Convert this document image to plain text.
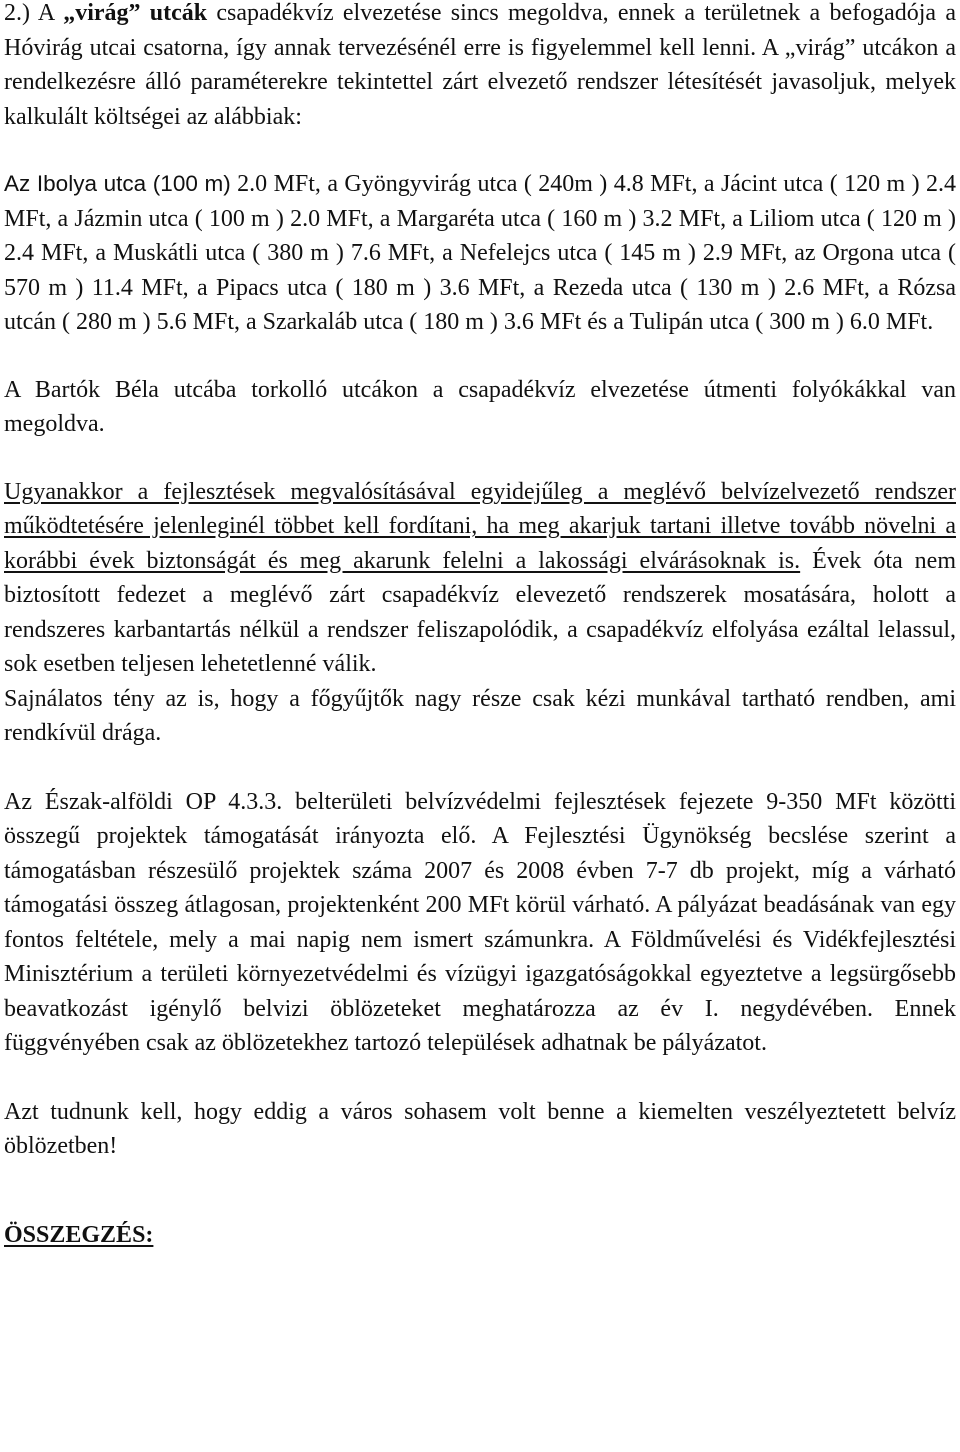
2.) A „virág” utcák csapadékvíz elvezetése sincs megoldva, ennek a területnek a befogadója a Hóvirág utcai csatorna, így annak tervezésénél erre is figyelemmel kell lenni. A „virág” utcákon a rendelkezésre álló paraméterekre tekintettel zárt elvezető rendszer létesítését javasoljuk, melyek kalkulált költségei az alábbiak:

Az Ibolya utca (100 m) 2.0 MFt, a Gyöngyvirág utca ( 240m ) 4.8 MFt, a Jácint utca ( 120 m ) 2.4 MFt, a Jázmin utca ( 100 m ) 2.0 MFt, a Margaréta utca ( 160 m ) 3.2 MFt, a Liliom utca ( 120 m ) 2.4 MFt, a Muskátli utca ( 380 m ) 7.6 MFt, a Nefelejcs utca ( 145 m ) 2.9 MFt, az Orgona utca ( 570 m ) 11.4 MFt, a Pipacs utca ( 180 m ) 3.6 MFt, a Rezeda utca ( 130 m ) 2.6 MFt, a Rózsa utcán ( 280 m ) 5.6 MFt, a Szarkaláb utca ( 180 m ) 3.6 MFt és a Tulipán utca ( 300 m ) 6.0 MFt.

A Bartók Béla utcába torkolló utcákon a csapadékvíz elvezetése útmenti folyókákkal van megoldva.

Ugyanakkor a fejlesztések megvalósításával egyidejűleg a meglévő belvízelvezető rendszer működtetésére jelenleginél többet kell fordítani, ha meg akarjuk tartani illetve tovább növelni a korábbi évek biztonságát és meg akarunk felelni a lakossági elvárásoknak is. Évek óta nem biztosított fedezet a meglévő zárt csapadékvíz elevezető rendszerek mosatására, holott a rendszeres karbantartás nélkül a rendszer feliszapolódik, a csapadékvíz elfolyása ezáltal lelassul, sok esetben teljesen lehetetlenné válik.

Sajnálatos tény az is, hogy a főgyűjtők nagy része csak kézi munkával tartható rendben, ami rendkívül drága.

Az Észak-alföldi OP 4.3.3. belterületi belvízvédelmi fejlesztések fejezete 9-350 MFt közötti összegű projektek támogatását irányozta elő. A Fejlesztési Ügynökség becslése szerint a támogatásban részesülő projektek száma 2007 és 2008 évben 7-7 db projekt, míg a várható támogatási összeg átlagosan, projektenként 200 MFt körül várható. A pályázat beadásának van egy fontos feltétele, mely a mai napig nem ismert számunkra. A Földművelési és Vidékfejlesztési Minisztérium a területi környezetvédelmi és vízügyi igazgatóságokkal egyeztetve a legsürgősebb beavatkozást igénylő belvizi öblözeteket meghatározza az év I. negydévében. Ennek függvényében csak az öblözetekhez tartozó települések adhatnak be pályázatot.

Azt tudnunk kell, hogy eddig a város sohasem volt benne a kiemelten veszélyeztetett belvíz öblözetben!

ÖSSZEGZÉS:
